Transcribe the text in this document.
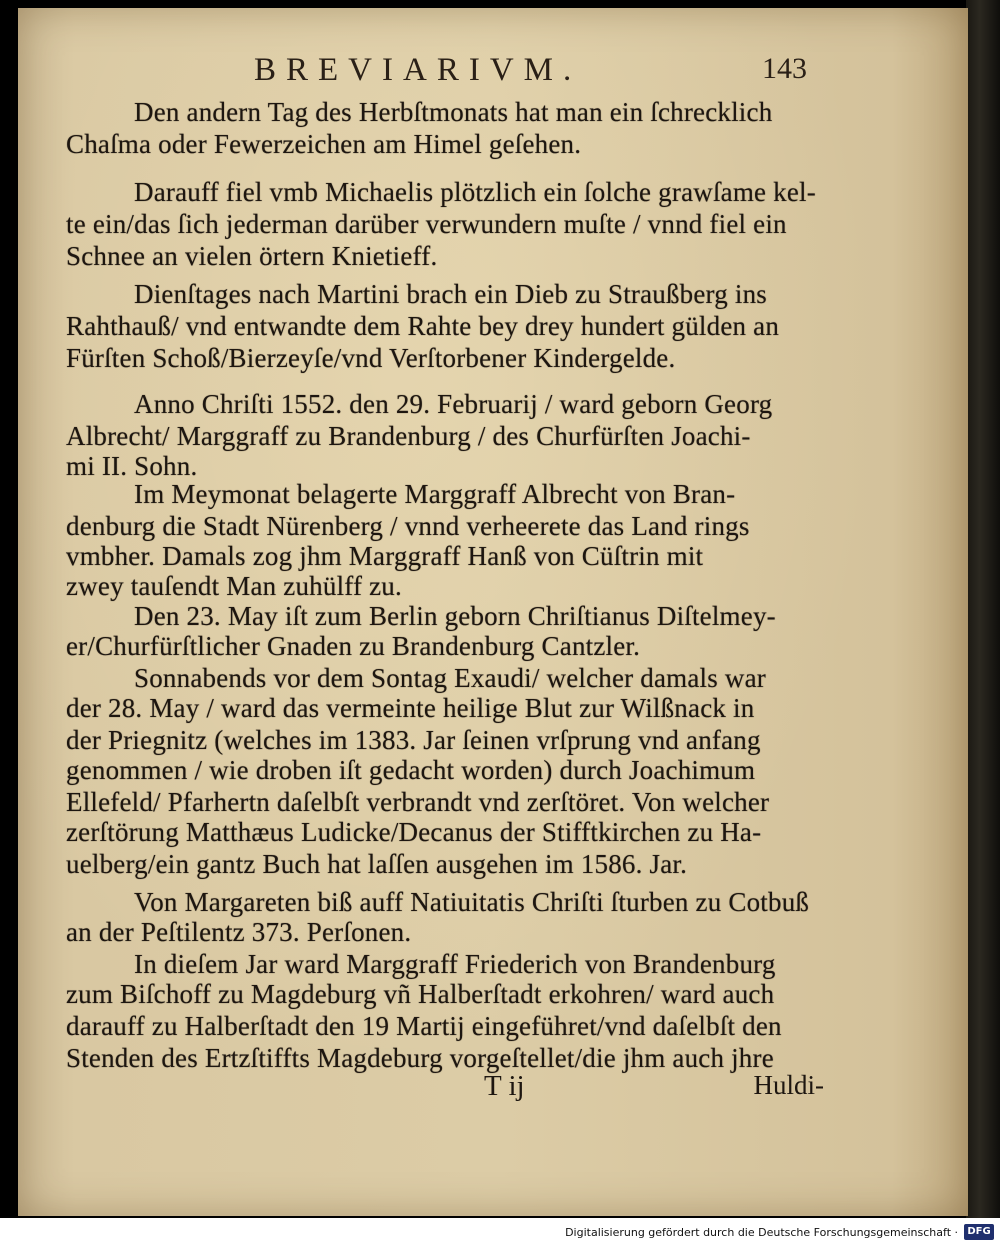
BREVIARIVM.	143
Den andern Tag des Herbſtmonats hat man ein ſchrecklich
Chaſma oder Fewerzeichen am Himel geſehen.
Darauff fiel vmb Michaelis plötzlich ein ſolche grawſame kel-
te ein/das ſich jederman darüber verwundern muſte / vnnd fiel ein
Schnee an vielen örtern Knietieff.
Dienſtages nach Martini brach ein Dieb zu Straußberg ins
Rahthauß/ vnd entwandte dem Rahte bey drey hundert gülden an
Fürſten Schoß/Bierzeyſe/vnd Verſtorbener Kindergelde.
Anno Chriſti 1552. den 29. Februarij / ward geborn Georg
Albrecht/ Marggraff zu Brandenburg / des Churfürſten Joachi-
mi II. Sohn.
Im Meymonat belagerte Marggraff Albrecht von Bran-
denburg die Stadt Nürenberg / vnnd verheerete das Land rings
vmbher. Damals zog jhm Marggraff Hanß von Cüſtrin mit
zwey tauſendt Man zuhülff zu.
Den 23. May iſt zum Berlin geborn Chriſtianus Diſtelmey-
er/Churfürſtlicher Gnaden zu Brandenburg Cantzler.
Sonnabends vor dem Sontag Exaudi/ welcher damals war
der 28. May / ward das vermeinte heilige Blut zur Wilßnack in
der Priegnitz (welches im 1383. Jar ſeinen vrſprung vnd anfang
genommen / wie droben iſt gedacht worden) durch Joachimum
Ellefeld/ Pfarhertn daſelbſt verbrandt vnd zerſtöret. Von welcher
zerſtörung Matthæus Ludicke/Decanus der Stifftkirchen zu Ha-
uelberg/ein gantz Buch hat laſſen ausgehen im 1586. Jar.
Von Margareten biß auff Natiuitatis Chriſti ſturben zu Cotbuß
an der Peſtilentz 373. Perſonen.
In dieſem Jar ward Marggraff Friederich von Brandenburg
zum Biſchoff zu Magdeburg vñ Halberſtadt erkohren/ ward auch
darauff zu Halberſtadt den 19 Martij eingeführet/vnd daſelbſt den
Stenden des Ertzſtiffts Magdeburg vorgeſtellet/die jhm auch jhre
T ij	Huldi-
Digitalisierung gefördert durch die Deutsche Forschungsgemeinschaft · DFG
